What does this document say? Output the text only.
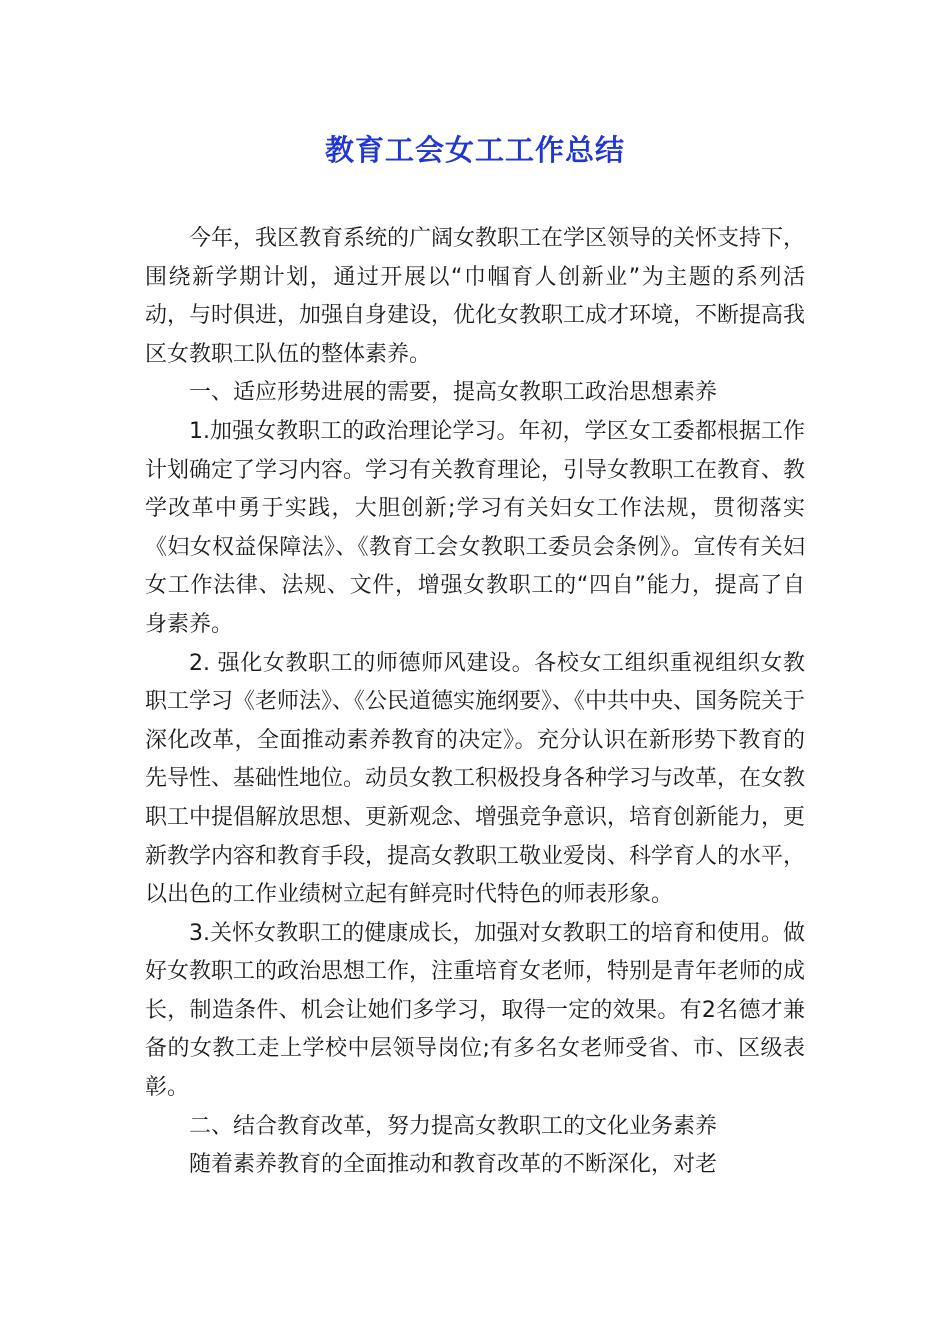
教育工会女工工作总结

今年，我区教育系统的广阔女教职工在学区领导的关怀支持下，围绕新学期计划，通过开展以“巾帼育人创新业”为主题的系列活动，与时俱进，加强自身建设，优化女教职工成才环境，不断提高我区女教职工队伍的整体素养。

一、适应形势进展的需要，提高女教职工政治思想素养

1.加强女教职工的政治理论学习。年初，学区女工委都根据工作计划确定了学习内容。学习有关教育理论，引导女教职工在教育、教学改革中勇于实践，大胆创新;学习有关妇女工作法规，贯彻落实《妇女权益保障法》、《教育工会女教职工委员会条例》。宣传有关妇女工作法律、法规、文件，增强女教职工的“四自”能力，提高了自身素养。

2. 强化女教职工的师德师风建设。各校女工组织重视组织女教职工学习《老师法》、《公民道德实施纲要》、《中共中央、国务院关于深化改革，全面推动素养教育的决定》。充分认识在新形势下教育的先导性、基础性地位。动员女教工积极投身各种学习与改革，在女教职工中提倡解放思想、更新观念、增强竞争意识，培育创新能力，更新教学内容和教育手段，提高女教职工敬业爱岗、科学育人的水平，以出色的工作业绩树立起有鲜亮时代特色的师表形象。

3.关怀女教职工的健康成长，加强对女教职工的培育和使用。做好女教职工的政治思想工作，注重培育女老师，特别是青年老师的成长，制造条件、机会让她们多学习，取得一定的效果。有2名德才兼备的女教工走上学校中层领导岗位;有多名女老师受省、市、区级表彰。

二、结合教育改革，努力提高女教职工的文化业务素养

随着素养教育的全面推动和教育改革的不断深化，对老
